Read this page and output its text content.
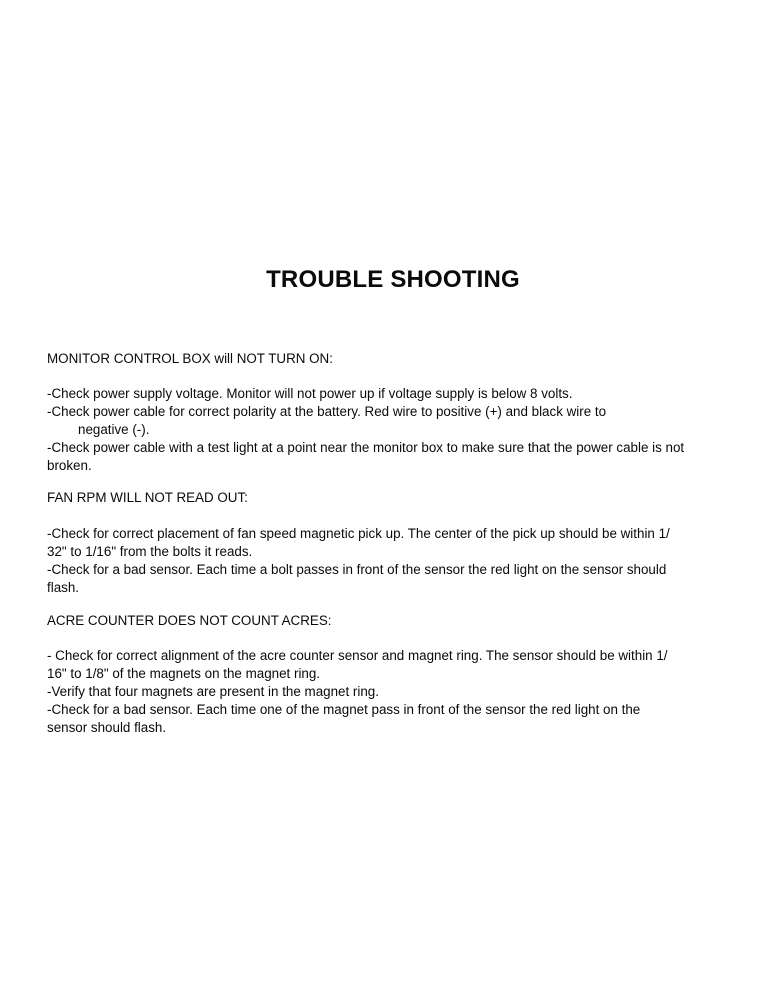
TROUBLE SHOOTING
MONITOR CONTROL BOX will NOT TURN ON:
-Check power supply voltage. Monitor will not power up if voltage supply is below 8 volts.
-Check power cable for correct polarity at the battery. Red wire to positive (+) and black wire to
negative (-).
-Check power cable with a test light at a point near the monitor box to make sure that the power cable is not
broken.
FAN RPM WILL NOT READ OUT:
-Check for correct placement of fan speed magnetic pick up. The center of the pick up should be within 1/
32" to 1/16" from the bolts it reads.
-Check for a bad sensor. Each time a bolt passes in front of the sensor the red light on the sensor should
flash.
ACRE COUNTER DOES NOT COUNT ACRES:
- Check for correct alignment of the acre counter sensor and magnet ring. The sensor should be within 1/
16" to 1/8" of the magnets on the magnet ring.
-Verify that four magnets are present in the magnet ring.
-Check for a bad sensor. Each time one of the magnet pass in front of the sensor the red light on the
sensor should flash.
